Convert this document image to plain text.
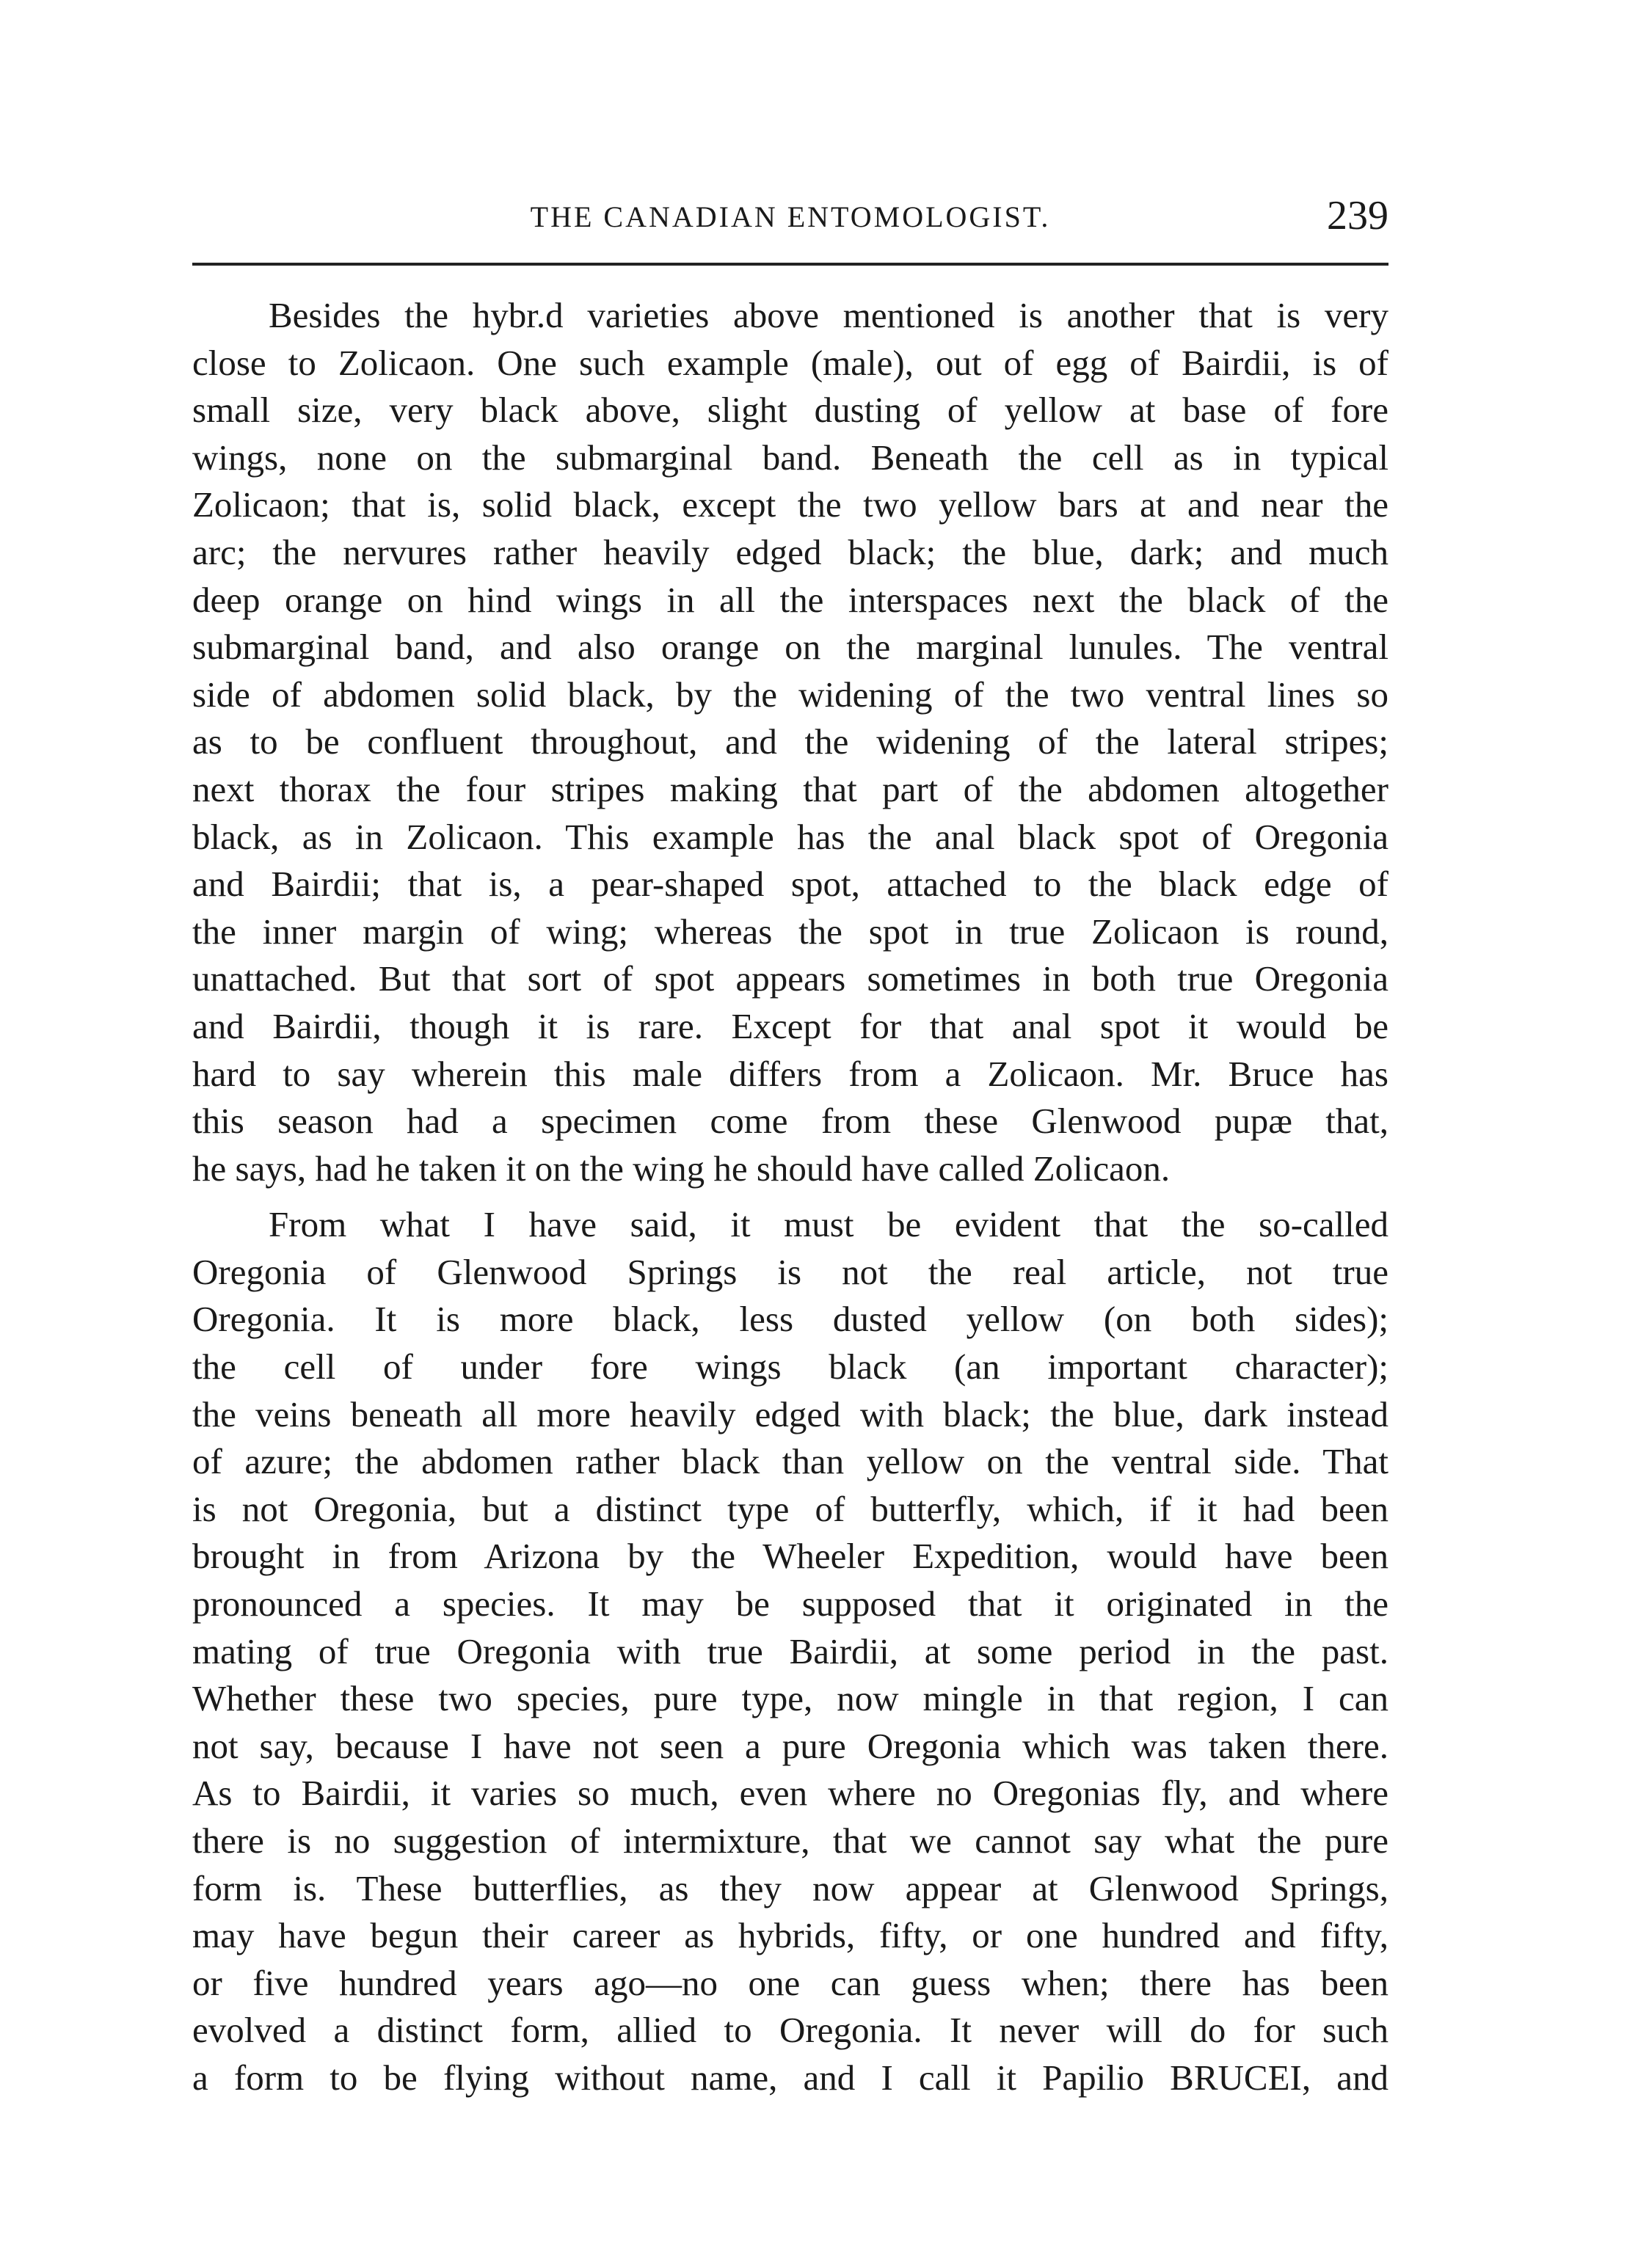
THE CANADIAN ENTOMOLOGIST.	239

Besides the hybr.d varieties above mentioned is another that is very
close to Zolicaon. One such example (male), out of egg of Bairdii, is of
small size, very black above, slight dusting of yellow at base of fore
wings, none on the submarginal band. Beneath the cell as in typical
Zolicaon; that is, solid black, except the two yellow bars at and near the
arc; the nervures rather heavily edged black; the blue, dark; and much
deep orange on hind wings in all the interspaces next the black of the
submarginal band, and also orange on the marginal lunules. The ventral
side of abdomen solid black, by the widening of the two ventral lines so
as to be confluent throughout, and the widening of the lateral stripes;
next thorax the four stripes making that part of the abdomen altogether
black, as in Zolicaon. This example has the anal black spot of Oregonia
and Bairdii; that is, a pear-shaped spot, attached to the black edge of
the inner margin of wing; whereas the spot in true Zolicaon is round,
unattached. But that sort of spot appears sometimes in both true Oregonia
and Bairdii, though it is rare. Except for that anal spot it would be
hard to say wherein this male differs from a Zolicaon. Mr. Bruce has
this season had a specimen come from these Glenwood pupæ that,
he says, had he taken it on the wing he should have called Zolicaon.

From what I have said, it must be evident that the so-called
Oregonia of Glenwood Springs is not the real article, not true
Oregonia. It is more black, less dusted yellow (on both sides);
the cell of under fore wings black (an important character);
the veins beneath all more heavily edged with black; the blue, dark instead
of azure; the abdomen rather black than yellow on the ventral side. That
is not Oregonia, but a distinct type of butterfly, which, if it had been
brought in from Arizona by the Wheeler Expedition, would have been
pronounced a species. It may be supposed that it originated in the
mating of true Oregonia with true Bairdii, at some period in the past.
Whether these two species, pure type, now mingle in that region, I can
not say, because I have not seen a pure Oregonia which was taken there.
As to Bairdii, it varies so much, even where no Oregonias fly, and where
there is no suggestion of intermixture, that we cannot say what the pure
form is. These butterflies, as they now appear at Glenwood Springs,
may have begun their career as hybrids, fifty, or one hundred and fifty,
or five hundred years ago—no one can guess when; there has been
evolved a distinct form, allied to Oregonia. It never will do for such
a form to be flying without name, and I call it Papilio BRUCEI, and
